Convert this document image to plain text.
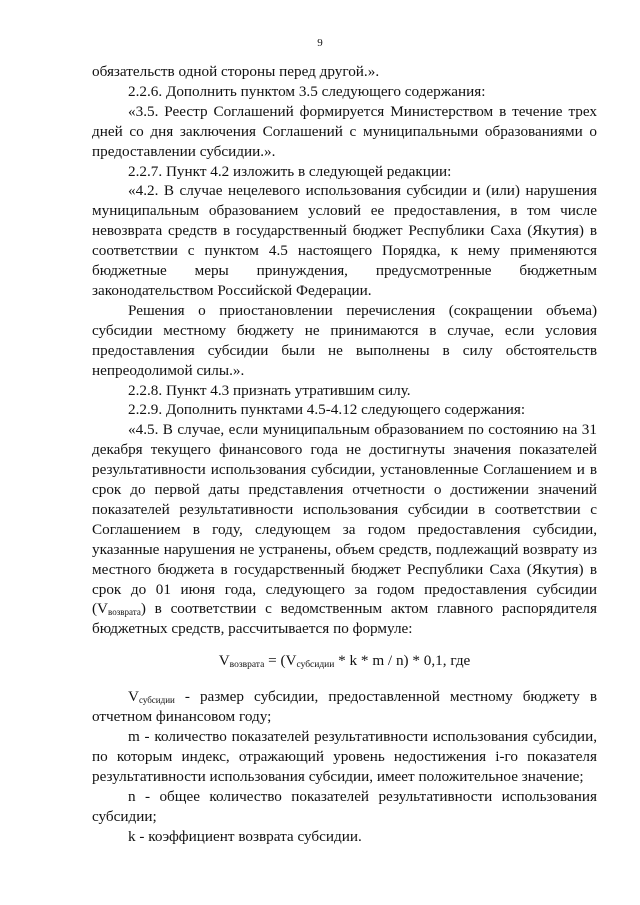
9

обязательств одной стороны перед другой.».

2.2.6. Дополнить пунктом 3.5 следующего содержания:

«3.5. Реестр Соглашений формируется Министерством в течение трех дней со дня заключения Соглашений с муниципальными образованиями о предоставлении субсидии.».

2.2.7. Пункт 4.2 изложить в следующей редакции:

«4.2. В случае нецелевого использования субсидии и (или) нарушения муниципальным образованием условий ее предоставления, в том числе невозврата средств в государственный бюджет Республики Саха (Якутия) в соответствии с пунктом 4.5 настоящего Порядка, к нему применяются бюджетные меры принуждения, предусмотренные бюджетным законодательством Российской Федерации.

Решения о приостановлении перечисления (сокращении объема) субсидии местному бюджету не принимаются в случае, если условия предоставления субсидии были не выполнены в силу обстоятельств непреодолимой силы.».

2.2.8. Пункт 4.3 признать утратившим силу.

2.2.9. Дополнить пунктами 4.5-4.12 следующего содержания:

«4.5. В случае, если муниципальным образованием по состоянию на 31 декабря текущего финансового года не достигнуты значения показателей результативности использования субсидии, установленные Соглашением и в срок до первой даты представления отчетности о достижении значений показателей результативности использования субсидии в соответствии с Соглашением в году, следующем за годом предоставления субсидии, указанные нарушения не устранены, объем средств, подлежащий возврату из местного бюджета в государственный бюджет Республики Саха (Якутия) в срок до 01 июня года, следующего за годом предоставления субсидии $(V_{возврата})$ в соответствии с ведомственным актом главного распорядителя бюджетных средств, рассчитывается по формуле:

$V_{возврата} = (V_{субсидии} * k * m / n) * 0,1$, где

$V_{субсидии}$ - размер субсидии, предоставленной местному бюджету в отчетном финансовом году;

m - количество показателей результативности использования субсидии, по которым индекс, отражающий уровень недостижения i-го показателя результативности использования субсидии, имеет положительное значение;

n - общее количество показателей результативности использования субсидии;

k - коэффициент возврата субсидии.
